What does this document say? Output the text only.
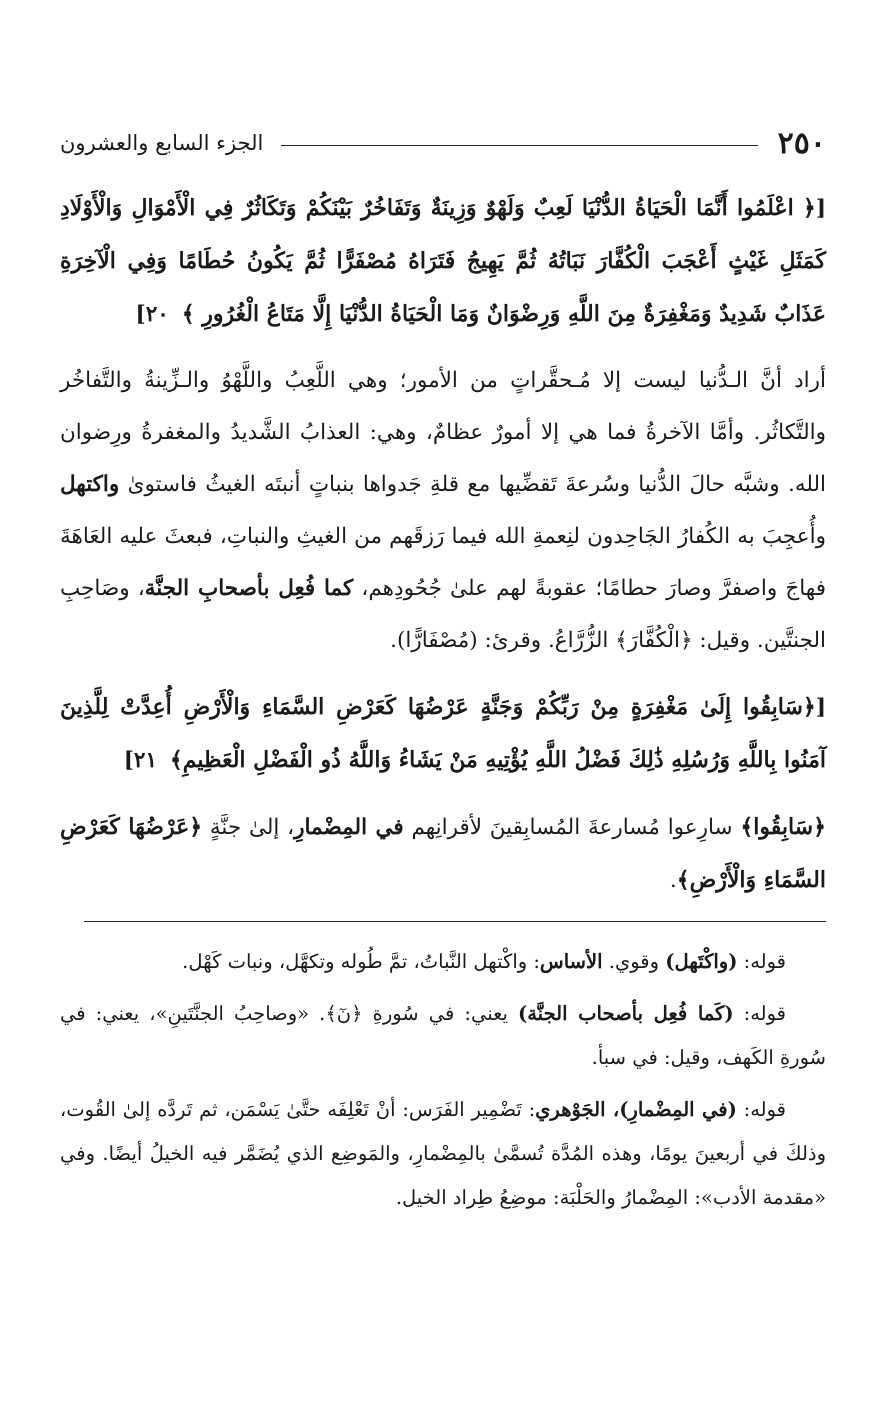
٢٥٠
الجزء السابع والعشرون

[﴿ اعْلَمُوا أَنَّمَا الْحَيَاةُ الدُّنْيَا لَعِبٌ وَلَهْوٌ وَزِينَةٌ وَتَفَاخُرٌ بَيْنَكُمْ وَتَكَاثُرٌ فِي الْأَمْوَالِ وَالْأَوْلَادِ كَمَثَلِ غَيْثٍ أَعْجَبَ الْكُفَّارَ نَبَاتُهُ ثُمَّ يَهِيجُ فَتَرَاهُ مُصْفَرًّا ثُمَّ يَكُونُ حُطَامًا وَفِي الْآخِرَةِ عَذَابٌ شَدِيدٌ وَمَغْفِرَةٌ مِنَ اللَّهِ وَرِضْوَانٌ وَمَا الْحَيَاةُ الدُّنْيَا إِلَّا مَتَاعُ الْغُرُورِ ﴾ ٢٠]

أراد أنَّ الـدُّنيا ليست إلا مُـحقَّراتٍ من الأمور؛ وهي اللَّعِبُ واللَّهْوُ والـزِّينةُ والتَّفاخُر والتَّكاثُر. وأمَّا الآخرةُ فما هي إلا أمورٌ عظامٌ، وهي: العذابُ الشَّديدُ والمغفرةُ ورِضوان الله. وشبَّه حالَ الدُّنيا وسُرعةَ تَقضِّيها مع قلةِ جَدواها بنباتٍ أنبتَه الغيثُ فاستوىٰ واكتهل وأُعجِبَ به الكُفارُ الجَاحِدون لنِعمةِ الله فيما رَزقَهم من الغيثِ والنباتِ، فبعثَ عليه العَاهَةَ فهاجَ واصفرَّ وصارَ حطامًا؛ عقوبةً لهم علىٰ جُحُودِهم، كما فُعِل بأصحابِ الجنَّة، وصَاحِبِ الجنتَّين. وقيل: ﴿الْكُفَّارَ﴾ الزُّرَّاعُ. وقرئ: (مُصْفَارًّا).

[﴿سَابِقُوا إِلَىٰ مَغْفِرَةٍ مِنْ رَبِّكُمْ وَجَنَّةٍ عَرْضُهَا كَعَرْضِ السَّمَاءِ وَالْأَرْضِ أُعِدَّتْ لِلَّذِينَ آمَنُوا بِاللَّهِ وَرُسُلِهِ ذَٰلِكَ فَضْلُ اللَّهِ يُؤْتِيهِ مَنْ يَشَاءُ وَاللَّهُ ذُو الْفَضْلِ الْعَظِيمِ﴾ ٢١]

﴿سَابِقُوا﴾ سارِعوا مُسارعةَ المُسابِقينَ لأقرانِهم في المِضْمارِ، إلىٰ جنَّةٍ ﴿عَرْضُهَا كَعَرْضِ السَّمَاءِ وَالْأَرْضِ﴾.

قوله: (واكْتَهل) وقوي. الأساس: واكْتهل النَّباتُ، تمَّ طُوله وتكهَّل، ونبات كَهْل.

قوله: (كَما فُعِل بأصحاب الجنَّة) يعني: في سُورةِ ﴿نٓ﴾. «وصاحِبُ الجنَّتَينِ»، يعني: في سُورةِ الكَهف، وقيل: في سبأ.

قوله: (في المِضْمارِ)، الجَوْهري: تَضْمِير الفَرَس: أنْ تَعْلِفَه حتَّىٰ يَسْمَن، ثم تَردَّه إلىٰ القُوت، وذلكَ في أربعينَ يومًا، وهذه المُدَّة تُسمَّىٰ بالمِضْمارِ، والمَوضِع الذي يُضَمَّر فيه الخيلُ أيضًا. وفي «مقدمة الأدب»: المِضْمارُ والحَلْبَة: موضِعُ طِراد الخيل.
